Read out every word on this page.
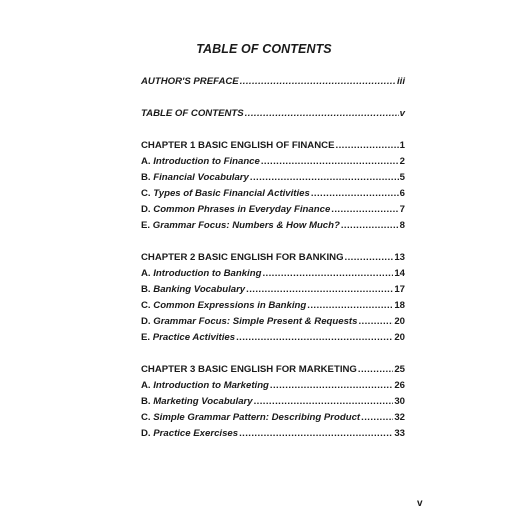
TABLE OF CONTENTS
AUTHOR'S PREFACE .....	iii
TABLE OF CONTENTS .....	v
CHAPTER 1 BASIC ENGLISH OF FINANCE .....	1
A. Introduction to Finance .....	2
B. Financial Vocabulary .....	5
C. Types of Basic Financial Activities .....	6
D. Common Phrases in Everyday Finance .....	7
E. Grammar Focus: Numbers & How Much? .....	8
CHAPTER 2 BASIC ENGLISH FOR BANKING .....	13
A. Introduction to Banking .....	14
B. Banking Vocabulary .....	17
C. Common Expressions in Banking .....	18
D. Grammar Focus: Simple Present & Requests .....	20
E. Practice Activities .....	20
CHAPTER 3 BASIC ENGLISH FOR MARKETING .....	25
A. Introduction to Marketing .....	26
B. Marketing Vocabulary .....	30
C. Simple Grammar Pattern: Describing Product .....	32
D. Practice Exercises .....	33
v
